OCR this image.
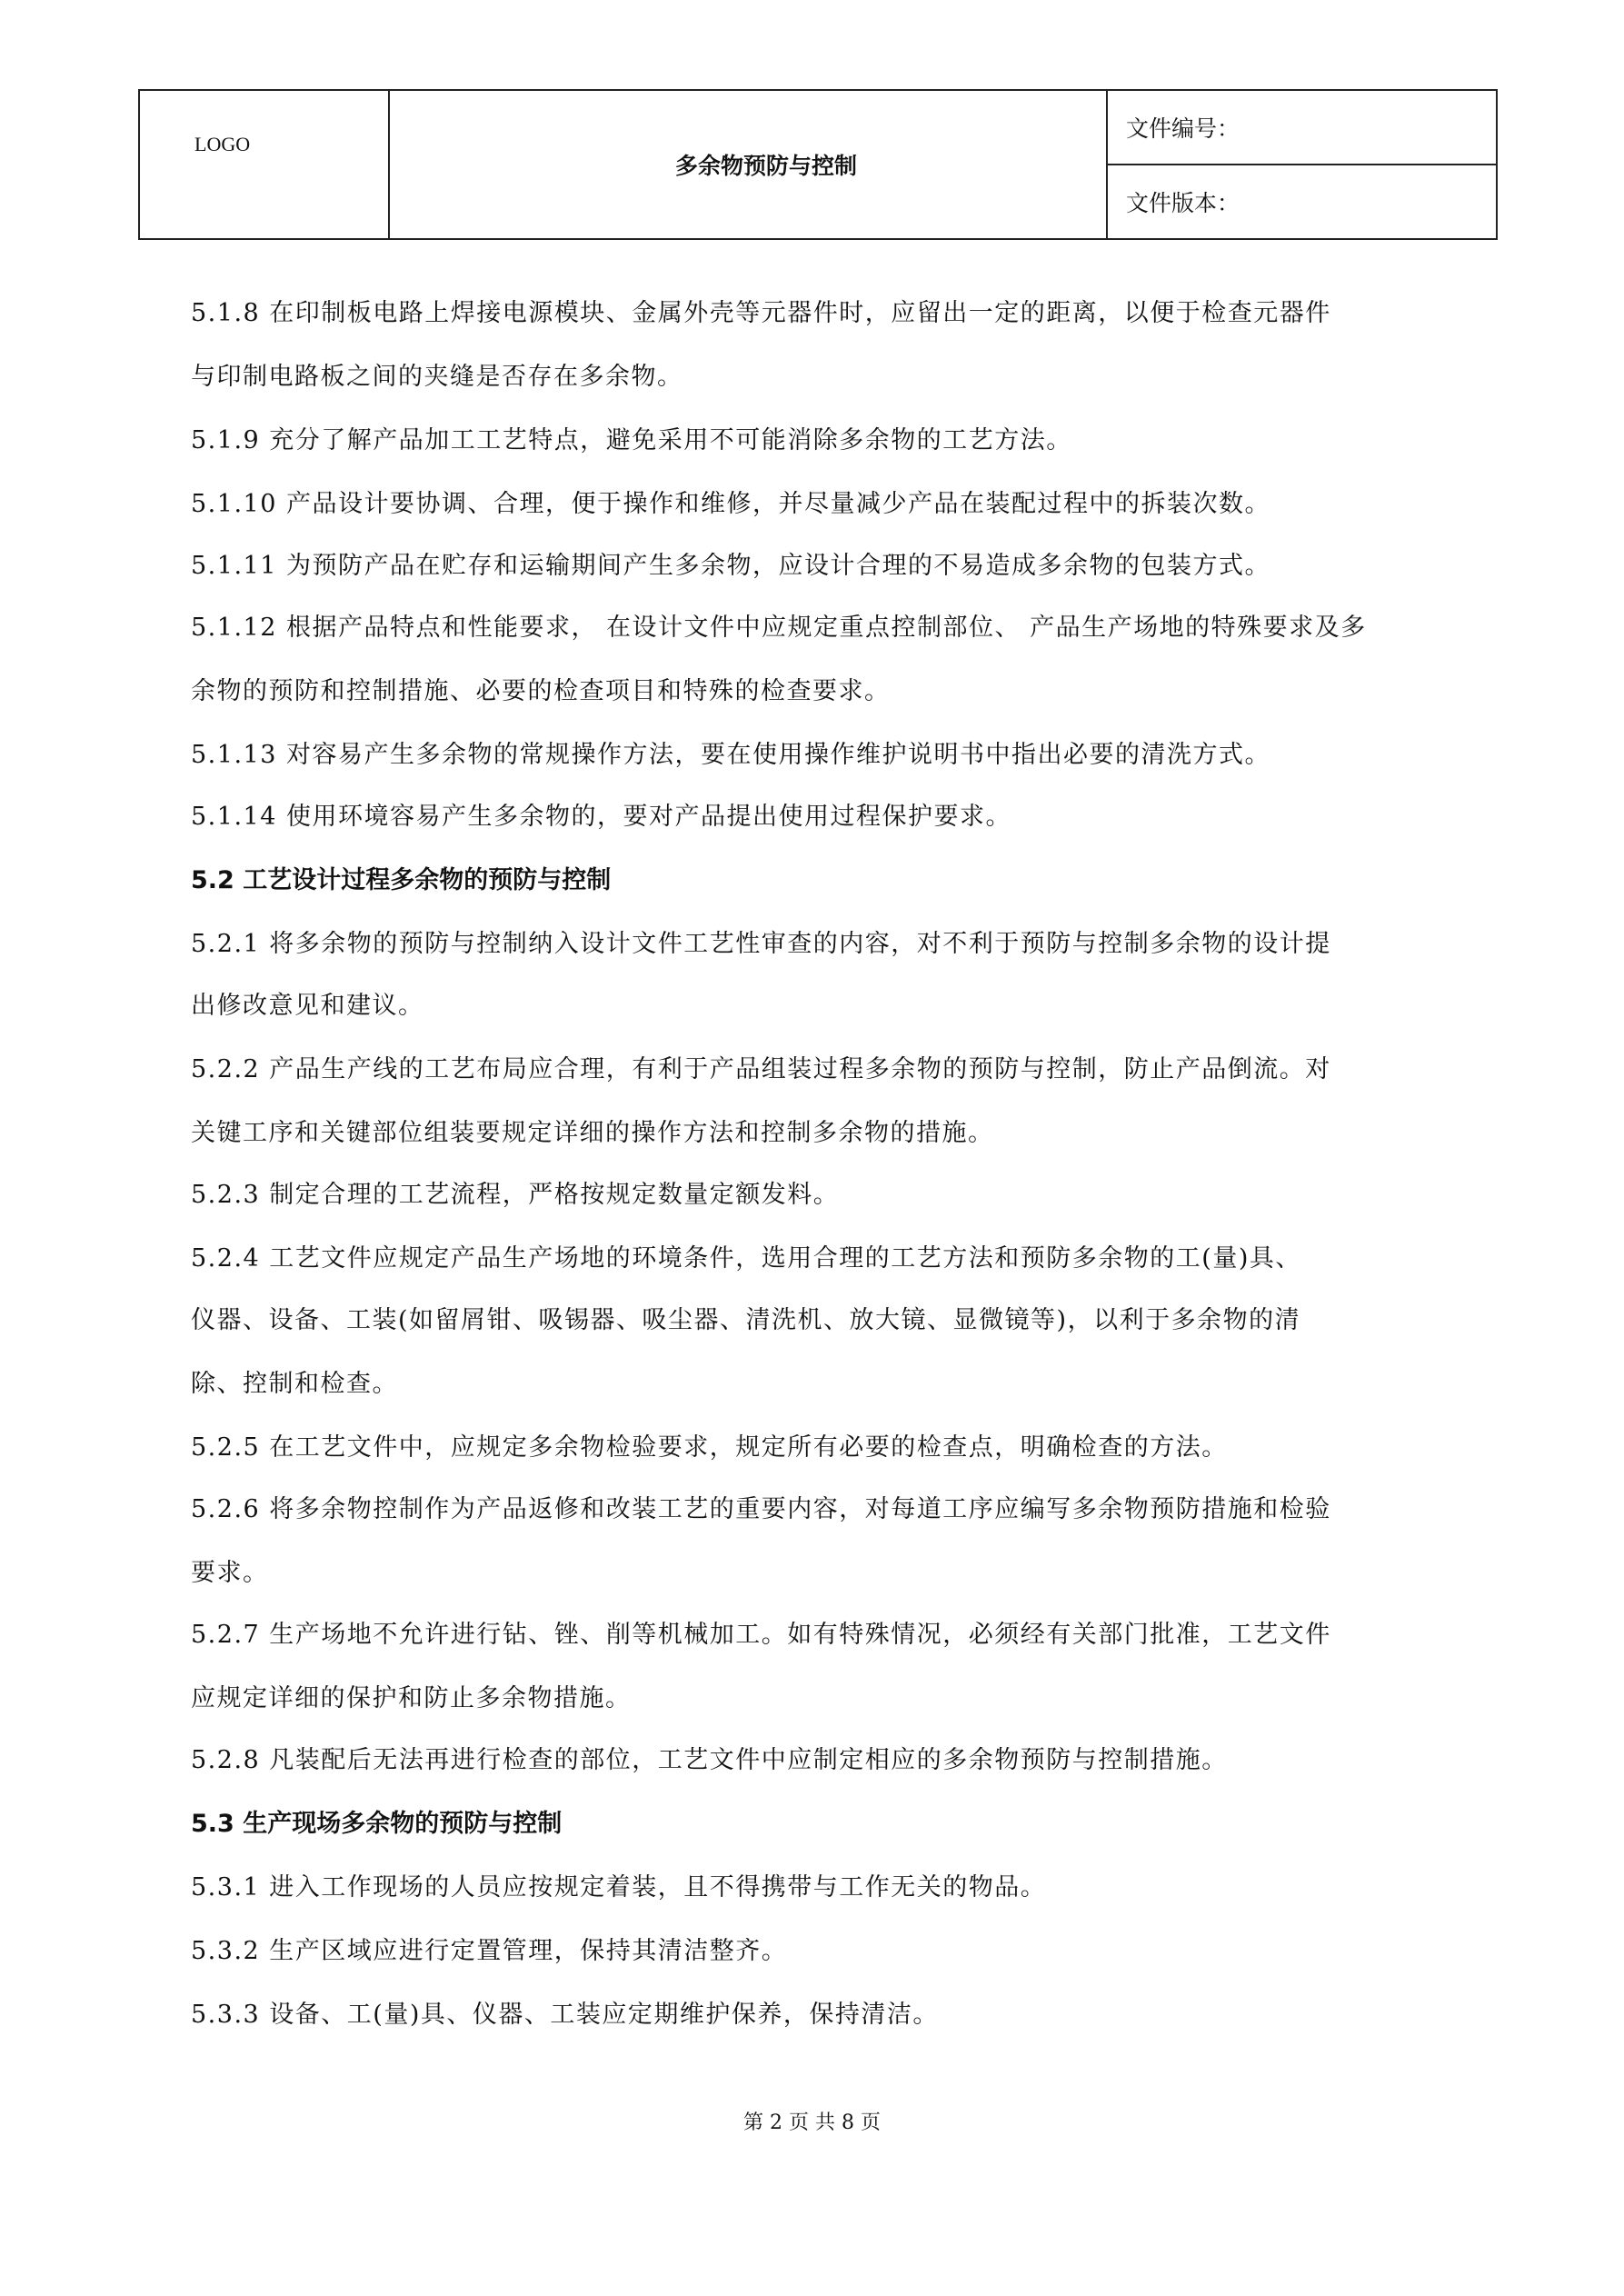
LOGO
多余物预防与控制
文件编号：
文件版本：
5.1.8 在印制板电路上焊接电源模块、金属外壳等元器件时，应留出一定的距离，以便于检查元器件
与印制电路板之间的夹缝是否存在多余物。
5.1.9 充分了解产品加工工艺特点，避免采用不可能消除多余物的工艺方法。
5.1.10 产品设计要协调、合理，便于操作和维修，并尽量减少产品在装配过程中的拆装次数。
5.1.11 为预防产品在贮存和运输期间产生多余物，应设计合理的不易造成多余物的包装方式。
5.1.12 根据产品特点和性能要求， 在设计文件中应规定重点控制部位、 产品生产场地的特殊要求及多
余物的预防和控制措施、必要的检查项目和特殊的检查要求。
5.1.13 对容易产生多余物的常规操作方法，要在使用操作维护说明书中指出必要的清洗方式。
5.1.14 使用环境容易产生多余物的，要对产品提出使用过程保护要求。
5.2 工艺设计过程多余物的预防与控制
5.2.1 将多余物的预防与控制纳入设计文件工艺性审查的内容，对不利于预防与控制多余物的设计提
出修改意见和建议。
5.2.2 产品生产线的工艺布局应合理，有利于产品组装过程多余物的预防与控制，防止产品倒流。对
关键工序和关键部位组装要规定详细的操作方法和控制多余物的措施。
5.2.3 制定合理的工艺流程，严格按规定数量定额发料。
5.2.4 工艺文件应规定产品生产场地的环境条件，选用合理的工艺方法和预防多余物的工(量)具、
仪器、设备、工装(如留屑钳、吸锡器、吸尘器、清洗机、放大镜、显微镜等)，以利于多余物的清
除、控制和检查。
5.2.5 在工艺文件中，应规定多余物检验要求，规定所有必要的检查点，明确检查的方法。
5.2.6 将多余物控制作为产品返修和改装工艺的重要内容，对每道工序应编写多余物预防措施和检验
要求。
5.2.7 生产场地不允许进行钻、锉、削等机械加工。如有特殊情况，必须经有关部门批准，工艺文件
应规定详细的保护和防止多余物措施。
5.2.8 凡装配后无法再进行检查的部位，工艺文件中应制定相应的多余物预防与控制措施。
5.3 生产现场多余物的预防与控制
5.3.1 进入工作现场的人员应按规定着装，且不得携带与工作无关的物品。
5.3.2 生产区域应进行定置管理，保持其清洁整齐。
5.3.3 设备、工(量)具、仪器、工装应定期维护保养，保持清洁。
第 2 页 共 8 页
